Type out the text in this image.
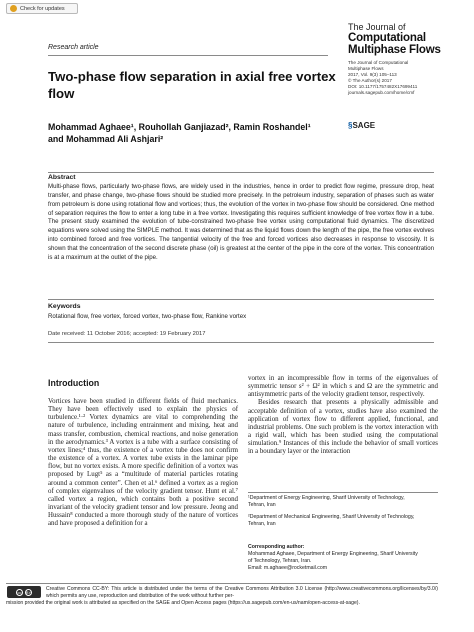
Check for updates
The Journal of
Computational
Multiphase Flows
The Journal of Computational
Multiphase Flows
2017, Vol. 9(3) 105–113
© The Author(s) 2017
DOI: 10.1177/1757482X17699411
journals.sagepub.com/home/cmf
§SAGE
Research article
Two-phase flow separation in axial free vortex flow
Mohammad Aghaee¹, Rouhollah Ganjiazad², Ramin Roshandel¹
and Mohammad Ali Ashjari²
Abstract
Multi-phase flows, particularly two-phase flows, are widely used in the industries, hence in order to predict flow regime, pressure drop, heat transfer, and phase change, two-phase flows should be studied more precisely. In the petroleum industry, separation of phases such as water from petroleum is done using rotational flow and vortices; thus, the evolution of the vortex in two-phase flow should be considered. One method of separation requires the flow to enter a long tube in a free vortex. Investigating this requires sufficient knowledge of free vortex flow in a tube. The present study examined the evolution of tube-constrained two-phase free vortex using computational fluid dynamics. The discretized equations were solved using the SIMPLE method. It was determined that as the liquid flows down the length of the pipe, the free vortex evolves into combined forced and free vortices. The tangential velocity of the free and forced vortices also decreases in response to viscosity. It is shown that the concentration of the second discrete phase (oil) is greatest at the center of the pipe in the core of the vortex. This concentration is at a maximum at the outlet of the pipe.
Keywords
Rotational flow, free vortex, forced vortex, two-phase flow, Rankine vortex
Date received: 11 October 2016; accepted: 19 February 2017
Introduction

Vortices have been studied in different fields of fluid mechanics. They have been effectively used to explain the physics of turbulence.¹·² Vortex dynamics are vital to comprehending the nature of turbulence, including entrainment and mixing, heat and mass transfer, combustion, chemical reactions, and noise generation in the aerodynamics.³ A vortex is a tube with a surface consisting of vortex lines;⁴ thus, the existence of a vortex tube does not confirm the existence of a vortex. A vortex tube exists in the laminar pipe flow, but no vortex exists. A more specific definition of a vortex was proposed by Lugt⁵ as a “multitude of material particles rotating around a common center”. Chen et al.⁶ defined a vortex as a region of complex eigenvalues of the velocity gradient tensor. Hunt et al.⁷ called vortex a region, which contains both a positive second invariant of the velocity gradient tensor and low pressure. Jeong and Hussain⁸ conducted a more thorough study of the nature of vortices and have proposed a definition for a

vortex in an incompressible flow in terms of the eigenvalues of symmetric tensor s² + Ω² in which s and Ω are the symmetric and antisymmetric parts of the velocity gradient tensor, respectively.

Besides research that presents a physically admissible and acceptable definition of a vortex, studies have also examined the application of vortex flow to different applied, functional, and industrial problems. One such problem is the vortex interaction with a rigid wall, which has been studied using the computational simulation.⁹ Instances of this include the behavior of small vortices in a boundary layer or the interaction

¹Department of Energy Engineering, Sharif University of Technology,
Tehran, Iran
²Department of Mechanical Engineering, Sharif University of Technology,
Tehran, Iran
Corresponding author:
Mohammad Aghaee, Department of Energy Engineering, Sharif University
of Technology, Tehran, Iran.
Email: m.aghaee@rocketmail.com
cc	BY	Creative Commons CC-BY: This article is distributed under the terms of the Creative Commons Attribution 3.0 License (http://www.creativecommons.org/licenses/by/3.0/) which permits any use, reproduction and distribution of the work without further per-
mission provided the original work is attributed as specified on the SAGE and Open Access pages (https://us.sagepub.com/en-us/nam/open-access-at-sage).
